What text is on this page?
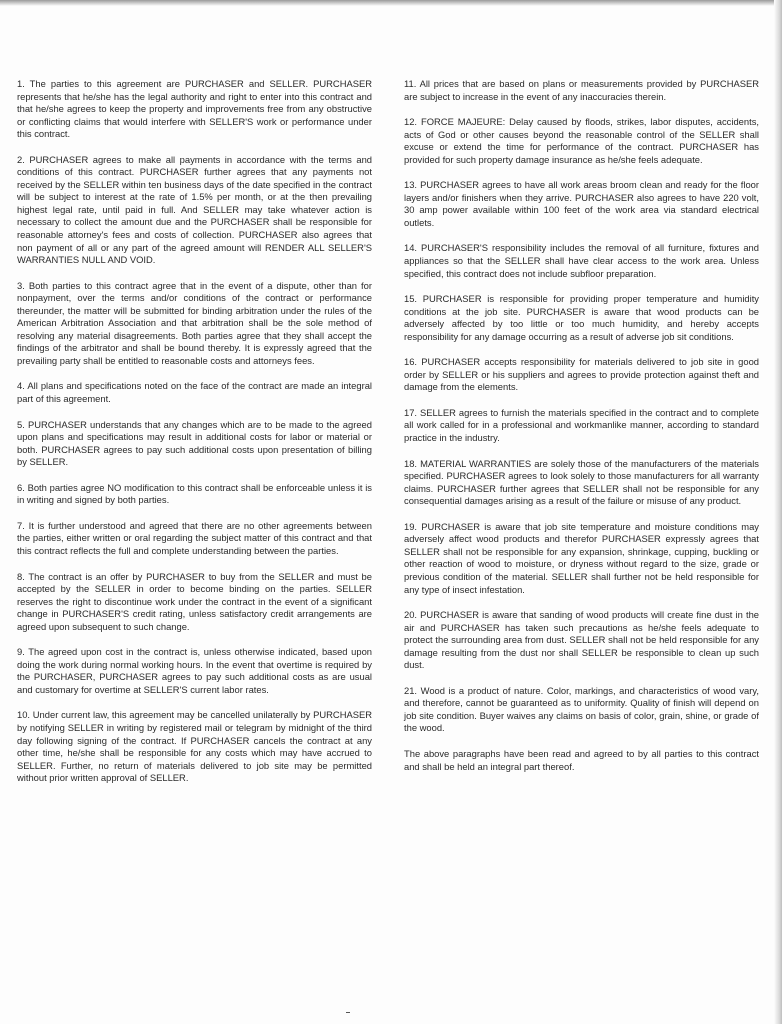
1. The parties to this agreement are PURCHASER and SELLER. PURCHASER represents that he/she has the legal authority and right to enter into this contract and that he/she agrees to keep the property and improvements free from any obstructive or conflicting claims that would interfere with SELLER'S work or performance under this contract.

2. PURCHASER agrees to make all payments in accordance with the terms and conditions of this contract. PURCHASER further agrees that any payments not received by the SELLER within ten business days of the date specified in the contract will be subject to interest at the rate of 1.5% per month, or at the then prevailing highest legal rate, until paid in full. And SELLER may take whatever action is necessary to collect the amount due and the PURCHASER shall be responsible for reasonable attorney's fees and costs of collection. PURCHASER also agrees that non payment of all or any part of the agreed amount will RENDER ALL SELLER'S WARRANTIES NULL AND VOID.

3. Both parties to this contract agree that in the event of a dispute, other than for nonpayment, over the terms and/or conditions of the contract or performance thereunder, the matter will be submitted for binding arbitration under the rules of the American Arbitration Association and that arbitration shall be the sole method of resolving any material disagreements. Both parties agree that they shall accept the findings of the arbitrator and shall be bound thereby. It is expressly agreed that the prevailing party shall be entitled to reasonable costs and attorneys fees.

4. All plans and specifications noted on the face of the contract are made an integral part of this agreement.

5. PURCHASER understands that any changes which are to be made to the agreed upon plans and specifications may result in additional costs for labor or material or both. PURCHASER agrees to pay such additional costs upon presentation of billing by SELLER.

6. Both parties agree NO modification to this contract shall be enforceable unless it is in writing and signed by both parties.

7. It is further understood and agreed that there are no other agreements between the parties, either written or oral regarding the subject matter of this contract and that this contract reflects the full and complete understanding between the parties.

8. The contract is an offer by PURCHASER to buy from the SELLER and must be accepted by the SELLER in order to become binding on the parties. SELLER reserves the right to discontinue work under the contract in the event of a significant change in PURCHASER'S credit rating, unless satisfactory credit arrangements are agreed upon subsequent to such change.

9. The agreed upon cost in the contract is, unless otherwise indicated, based upon doing the work during normal working hours. In the event that overtime is required by the PURCHASER, PURCHASER agrees to pay such additional costs as are usual and customary for overtime at SELLER'S current labor rates.

10. Under current law, this agreement may be cancelled unilaterally by PURCHASER by notifying SELLER in writing by registered mail or telegram by midnight of the third day following signing of the contract. If PURCHASER cancels the contract at any other time, he/she shall be responsible for any costs which may have accrued to SELLER. Further, no return of materials delivered to job site may be permitted without prior written approval of SELLER.

11. All prices that are based on plans or measurements provided by PURCHASER are subject to increase in the event of any inaccuracies therein.

12. FORCE MAJEURE: Delay caused by floods, strikes, labor disputes, accidents, acts of God or other causes beyond the reasonable control of the SELLER shall excuse or extend the time for performance of the contract. PURCHASER has provided for such property damage insurance as he/she feels adequate.

13. PURCHASER agrees to have all work areas broom clean and ready for the floor layers and/or finishers when they arrive. PURCHASER also agrees to have 220 volt, 30 amp power available within 100 feet of the work area via standard electrical outlets.

14. PURCHASER'S responsibility includes the removal of all furniture, fixtures and appliances so that the SELLER shall have clear access to the work area. Unless specified, this contract does not include subfloor preparation.

15. PURCHASER is responsible for providing proper temperature and humidity conditions at the job site. PURCHASER is aware that wood products can be adversely affected by too little or too much humidity, and hereby accepts responsibility for any damage occurring as a result of adverse job sit conditions.

16. PURCHASER accepts responsibility for materials delivered to job site in good order by SELLER or his suppliers and agrees to provide protection against theft and damage from the elements.

17. SELLER agrees to furnish the materials specified in the contract and to complete all work called for in a professional and workmanlike manner, according to standard practice in the industry.

18. MATERIAL WARRANTIES are solely those of the manufacturers of the materials specified. PURCHASER agrees to look solely to those manufacturers for all warranty claims. PURCHASER further agrees that SELLER shall not be responsible for any consequential damages arising as a result of the failure or misuse of any product.

19. PURCHASER is aware that job site temperature and moisture conditions may adversely affect wood products and therefor PURCHASER expressly agrees that SELLER shall not be responsible for any expansion, shrinkage, cupping, buckling or other reaction of wood to moisture, or dryness without regard to the size, grade or previous condition of the material. SELLER shall further not be held responsible for any type of insect infestation.

20. PURCHASER is aware that sanding of wood products will create fine dust in the air and PURCHASER has taken such precautions as he/she feels adequate to protect the surrounding area from dust. SELLER shall not be held responsible for any damage resulting from the dust nor shall SELLER be responsible to clean up such dust.

21. Wood is a product of nature. Color, markings, and characteristics of wood vary, and therefore, cannot be guaranteed as to uniformity. Quality of finish will depend on job site condition. Buyer waives any claims on basis of color, grain, shine, or grade of the wood.

The above paragraphs have been read and agreed to by all parties to this contract and shall be held an integral part thereof.
